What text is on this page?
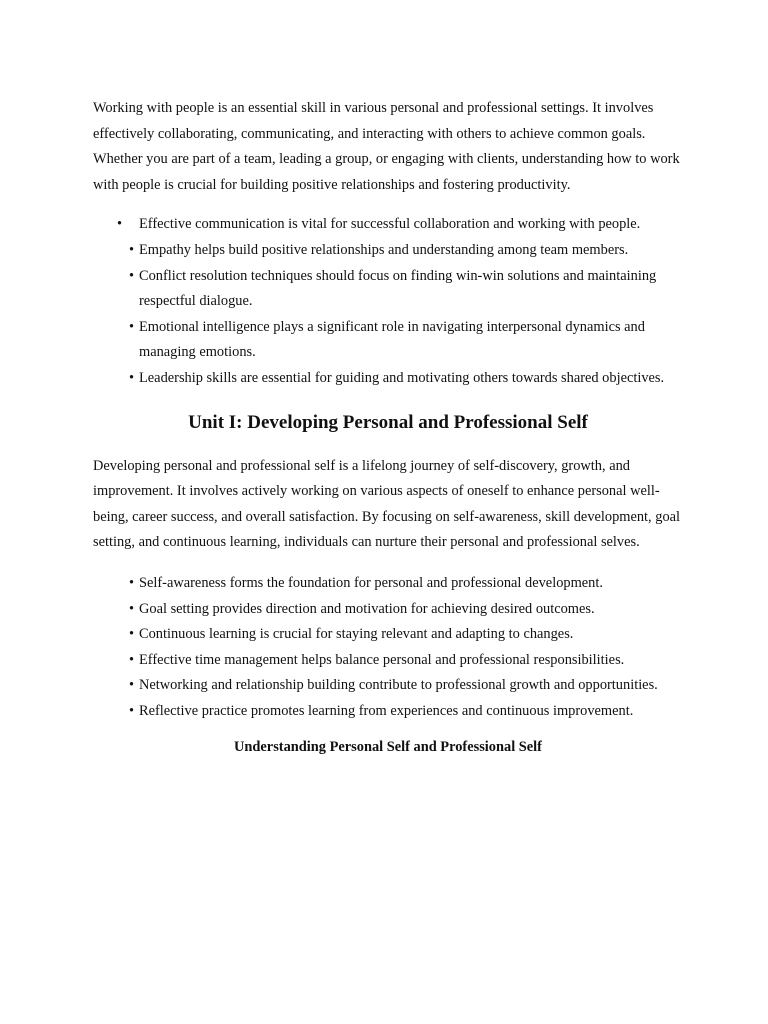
Working with people is an essential skill in various personal and professional settings. It involves effectively collaborating, communicating, and interacting with others to achieve common goals. Whether you are part of a team, leading a group, or engaging with clients, understanding how to work with people is crucial for building positive relationships and fostering productivity.

• Effective communication is vital for successful collaboration and working with people.
• Empathy helps build positive relationships and understanding among team members.
• Conflict resolution techniques should focus on finding win-win solutions and maintaining respectful dialogue.
• Emotional intelligence plays a significant role in navigating interpersonal dynamics and managing emotions.
• Leadership skills are essential for guiding and motivating others towards shared objectives.
Unit I: Developing Personal and Professional Self

Developing personal and professional self is a lifelong journey of self-discovery, growth, and improvement. It involves actively working on various aspects of oneself to enhance personal well-being, career success, and overall satisfaction. By focusing on self-awareness, skill development, goal setting, and continuous learning, individuals can nurture their personal and professional selves.

• Self-awareness forms the foundation for personal and professional development.
• Goal setting provides direction and motivation for achieving desired outcomes.
• Continuous learning is crucial for staying relevant and adapting to changes.
• Effective time management helps balance personal and professional responsibilities.
• Networking and relationship building contribute to professional growth and opportunities.
• Reflective practice promotes learning from experiences and continuous improvement.
Understanding Personal Self and Professional Self
